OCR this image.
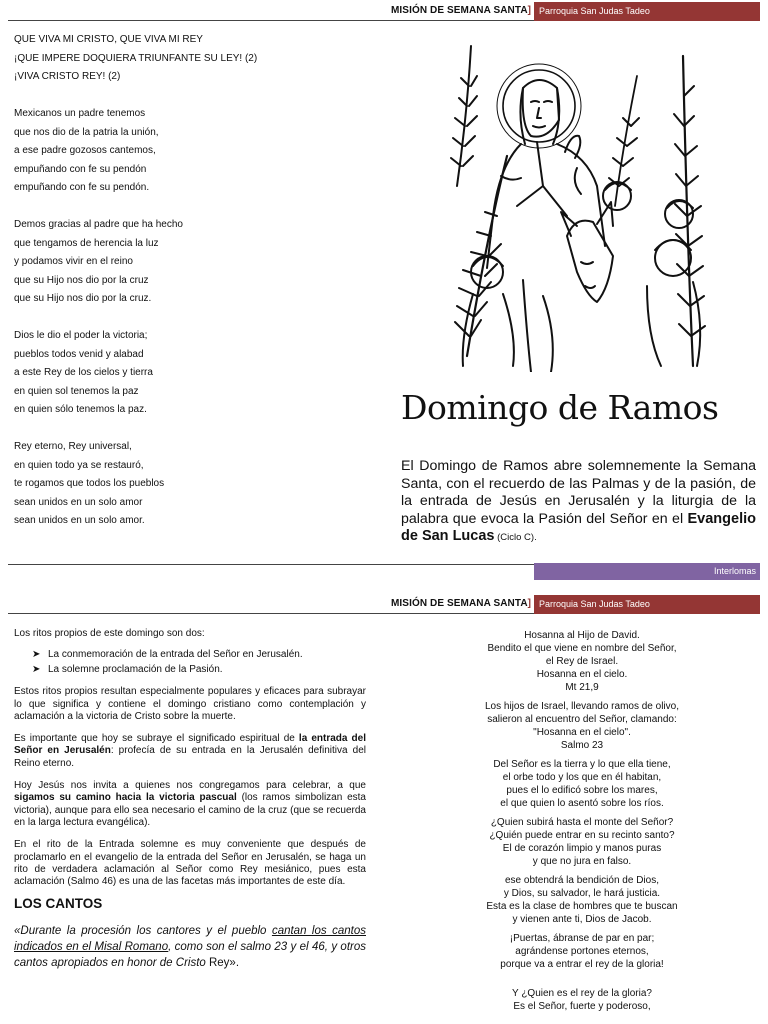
MISIÓN DE SEMANA SANTA] Parroquia San Judas Tadeo

QUE VIVA MI CRISTO, QUE VIVA MI REY

¡QUE IMPERE DOQUIERA TRIUNFANTE SU LEY! (2)

¡VIVA CRISTO REY! (2)

Mexicanos un padre tenemos

que nos dio de la patria la unión,

a ese padre gozosos cantemos,

empuñando con fe su pendón

empuñando con fe su pendón.

Demos gracias al padre que ha hecho

que tengamos de herencia la luz

y podamos vivir en el reino

que su Hijo nos dio por la cruz

que su Hijo nos dio por la cruz.

Dios le dio el poder la victoria;

pueblos todos venid y alabad

a este Rey de los cielos y tierra

en quien sol tenemos la paz

en quien sólo tenemos la paz.

Rey eterno, Rey universal,

en quien todo ya se restauró,

te rogamos que todos los pueblos

sean unidos en un solo amor

sean unidos en un solo amor.

Domingo de Ramos
El Domingo de Ramos abre solemnemente la Semana Santa, con el recuerdo de las Palmas y de la pasión, de la entrada de Jesús en Jerusalén y la liturgia de la palabra que evoca la Pasión del Señor en el Evangelio de San Lucas (Ciclo C).
Interlomas
MISIÓN DE SEMANA SANTA] Parroquia San Judas Tadeo

Los ritos propios de este domingo son dos:

➤ La conmemoración de la entrada del Señor en Jerusalén.
➤ La solemne proclamación de la Pasión.

Estos ritos propios resultan especialmente populares y eficaces para subrayar lo que significa y contiene el domingo cristiano como contemplación y aclamación a la victoria de Cristo sobre la muerte.

Es importante que hoy se subraye el significado espiritual de la entrada del Señor en Jerusalén: profecía de su entrada en la Jerusalén definitiva del Reino eterno.

Hoy Jesús nos invita a quienes nos congregamos para celebrar, a que sigamos su camino hacia la victoria pascual (los ramos simbolizan esta victoria), aunque para ello sea necesario el camino de la cruz (que se recuerda en la larga lectura evangélica).

En el rito de la Entrada solemne es muy conveniente que después de proclamarlo en el evangelio de la entrada del Señor en Jerusalén, se haga un rito de verdadera aclamación al Señor como Rey mesiánico, pues esta aclamación (Salmo 46) es una de las facetas más importantes de este día.

LOS CANTOS

«Durante la procesión los cantores y el pueblo cantan los cantos indicados en el Misal Romano, como son el salmo 23 y el 46, y otros cantos apropiados en honor de Cristo Rey».

Hosanna al Hijo de David.

Bendito el que viene en nombre del Señor,

el Rey de Israel.

Hosanna en el cielo.

Mt 21,9

Los hijos de Israel, llevando ramos de olivo,

salieron al encuentro del Señor, clamando:

"Hosanna en el cielo".

Salmo 23

Del Señor es la tierra y lo que ella tiene,

el orbe todo y los que en él habitan,

pues el lo edificó sobre los mares,

el que quien lo asentó sobre los ríos.

¿Quien subirá hasta el monte del Señor?

¿Quién puede entrar en su recinto santo?

El de corazón limpio y manos puras

y que no jura en falso.

ese obtendrá la bendición de Dios,

y Dios, su salvador, le hará justicia.

Esta es la clase de hombres que te buscan

y vienen ante ti, Dios de Jacob.

¡Puertas, ábranse de par en par;

agrándense portones eternos,

porque va a entrar el rey de la gloria!

Y ¿Quien es el rey de la gloria?

Es el Señor, fuerte y poderoso,
